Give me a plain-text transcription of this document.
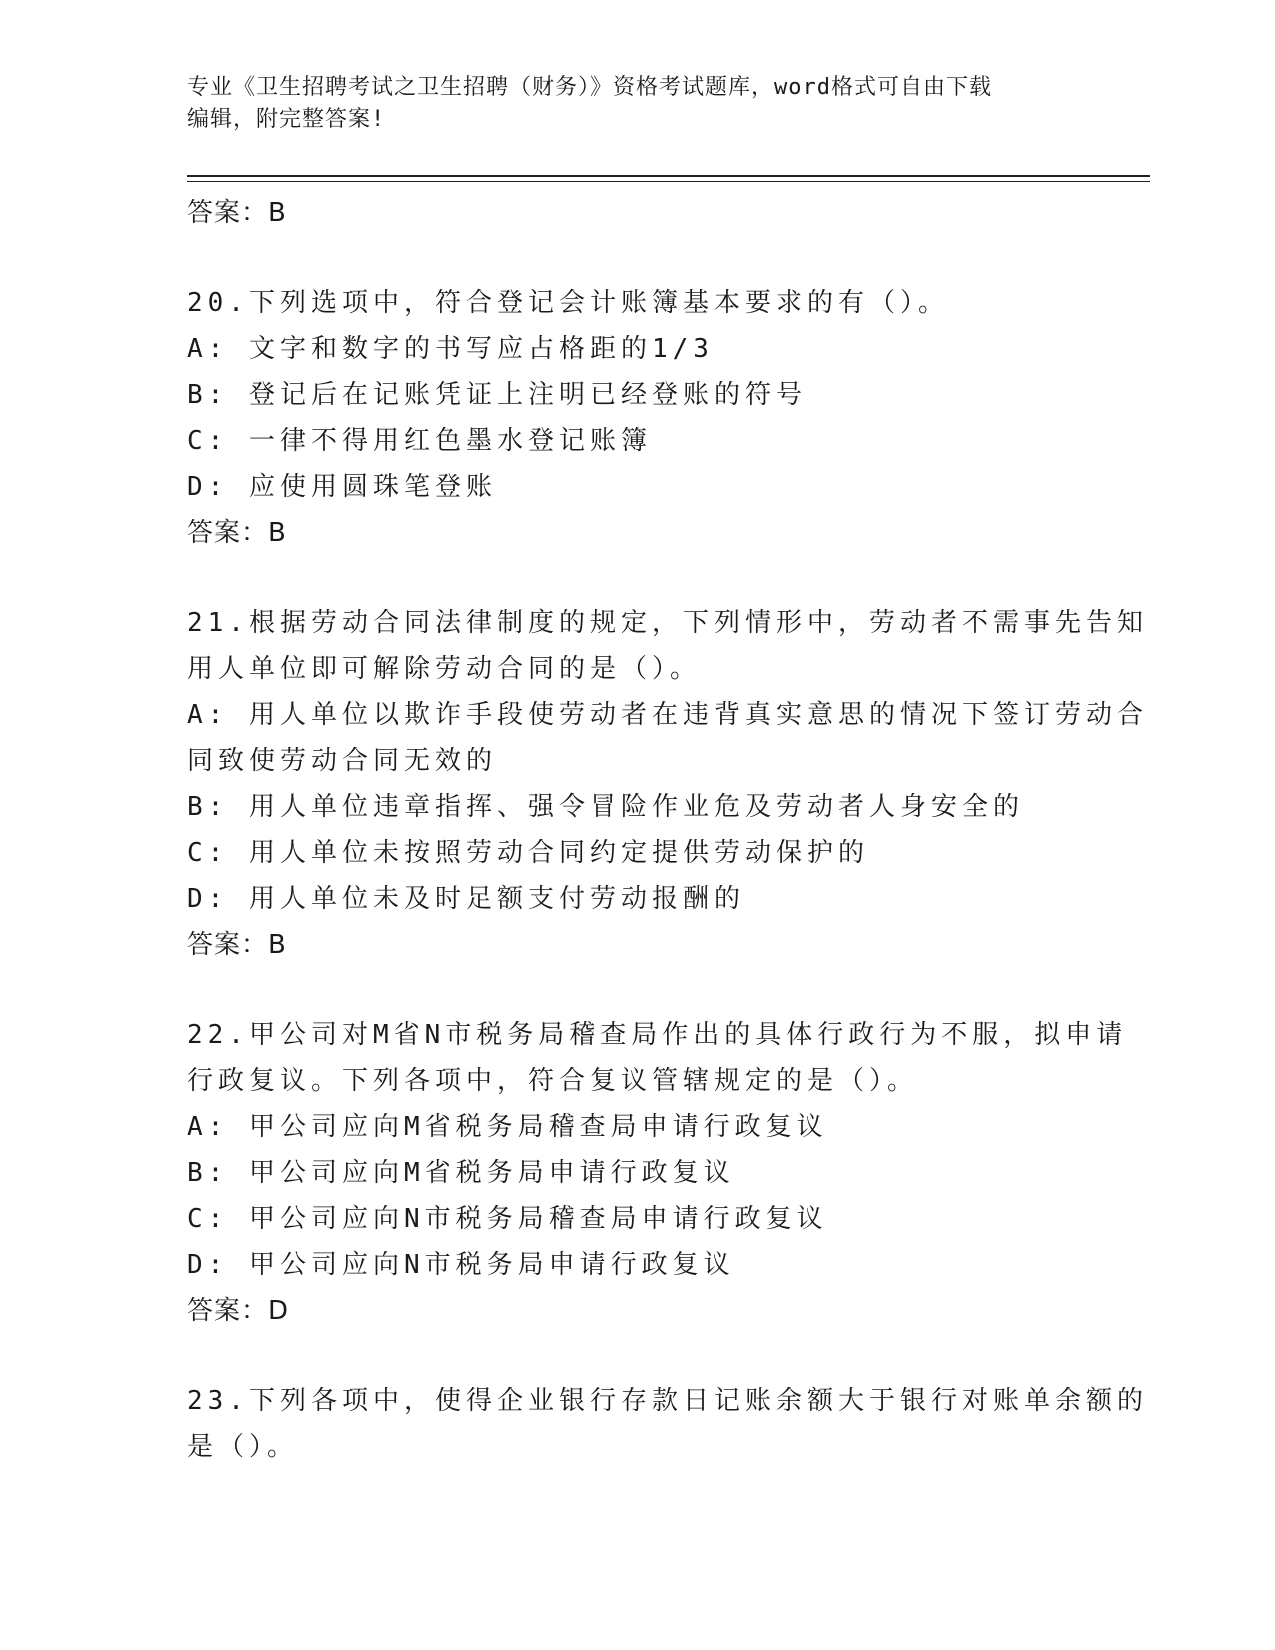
专业《卫生招聘考试之卫生招聘（财务）》资格考试题库，word格式可自由下载
编辑，附完整答案!
答案：B
20.下列选项中，符合登记会计账簿基本要求的有（）。
A: 文字和数字的书写应占格距的1/3
B: 登记后在记账凭证上注明已经登账的符号
C: 一律不得用红色墨水登记账簿
D: 应使用圆珠笔登账
答案：B
21.根据劳动合同法律制度的规定，下列情形中，劳动者不需事先告知
用人单位即可解除劳动合同的是（）。
A: 用人单位以欺诈手段使劳动者在违背真实意思的情况下签订劳动合
同致使劳动合同无效的
B: 用人单位违章指挥、强令冒险作业危及劳动者人身安全的
C: 用人单位未按照劳动合同约定提供劳动保护的
D: 用人单位未及时足额支付劳动报酬的
答案：B
22.甲公司对M省N市税务局稽查局作出的具体行政行为不服，拟申请
行政复议。下列各项中，符合复议管辖规定的是（）。
A: 甲公司应向M省税务局稽查局申请行政复议
B: 甲公司应向M省税务局申请行政复议
C: 甲公司应向N市税务局稽查局申请行政复议
D: 甲公司应向N市税务局申请行政复议
答案：D
23.下列各项中，使得企业银行存款日记账余额大于银行对账单余额的
是（）。
